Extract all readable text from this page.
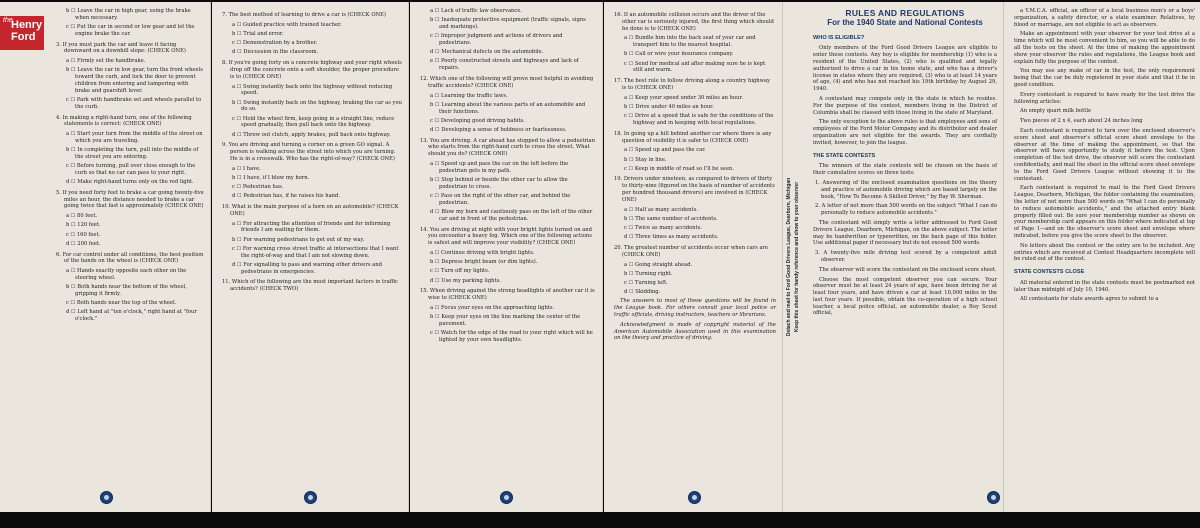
the
Henry
Ford
b ☐ Leave the car in high gear, using the brake when necessary.
c ☐ Put the car in second or low gear and let the engine brake the car.
3. If you must park the car and leave it facing downward on a downhill slope: (CHECK ONE)
a ☐ Firmly set the handbrake.
b ☐ Leave the car in low gear, turn the front wheels toward the curb, and lock the door to prevent children from entering and tampering with brake and gearshift lever.
c ☐ Park with handbrake set and wheels parallel to the curb.
4. In making a right-hand turn, one of the following statements is correct: (CHECK ONE)
a ☐ Start your turn from the middle of the street on which you are traveling.
b ☐ In completing the turn, pull into the middle of the street you are entering.
c ☐ Before turning, pull over close enough to the curb so that no car can pass to your right.
d ☐ Make right-hand turns only on the red light.
5. If you need forty feet to brake a car going twenty-five miles an hour, the distance needed to brake a car going twice that fast is approximately (CHECK ONE)
a ☐ 80 feet.
b ☐ 120 feet.
c ☐ 160 feet.
d ☐ 200 feet.
6. For car control under all conditions, the best position of the hands on the wheel is (CHECK ONE)
a ☐ Hands exactly opposite each other on the steering wheel.
b ☐ Both hands near the bottom of the wheel, gripping it firmly.
c ☐ Both hands near the top of the wheel.
d ☐ Left hand at "ten o'clock," right hand at "four o'clock."
7. The best method of learning to drive a car is (CHECK ONE)
a ☐ Guided practice with trained teacher.
b ☐ Trial and error.
c ☐ Demonstration by a brother.
d ☐ Discussion in the classroom.
8. If you're going forty on a concrete highway and your right wheels drop off the concrete onto a soft shoulder, the proper procedure is to (CHECK ONE)
a ☐ Swing instantly back onto the highway without reducing speed.
b ☐ Swing instantly back on the highway, braking the car as you do so.
c ☐ Hold the wheel firm, keep going in a straight line, reduce speed gradually, then pull back onto the highway.
d ☐ Throw out clutch, apply brakes, pull back onto highway.
9. You are driving and turning a corner on a green GO signal. A person is walking across the street into which you are turning. He is in a crosswalk. Who has the right-of-way? (CHECK ONE)
a ☐ I have.
b ☐ I have, if I blow my horn.
c ☐ Pedestrian has.
d ☐ Pedestrian has, if he raises his hand.
10. What is the main purpose of a horn on an automobile? (CHECK ONE)
a ☐ For attracting the attention of friends and for informing friends I am waiting for them.
b ☐ For warning pedestrians to get out of my way.
c ☐ For warning cross street traffic at intersections that I want the right-of-way and that I am not slowing down.
d ☐ For signalling to pass and warning other drivers and pedestrians in emergencies.
11. Which of the following are the most important factors in traffic accidents? (CHECK TWO)
a ☐ Lack of traffic law observance.
b ☐ Inadequate protective equipment (traffic signals, signs and markings).
c ☐ Improper judgment and actions of drivers and pedestrians.
d ☐ Mechanical defects on the automobile.
e ☐ Poorly constructed streets and highways and lack of repairs.
12. Which one of the following will prove most helpful in avoiding traffic accidents? (CHECK ONE)
a ☐ Learning the traffic laws.
b ☐ Learning about the various parts of an automobile and their functions.
c ☐ Developing good driving habits.
d ☐ Developing a sense of boldness or fearlessness.
13. You are driving. A car ahead has stopped to allow a pedestrian who starts from the right-hand curb to cross the street. What should you do? (CHECK ONE)
a ☐ Speed up and pass the car on the left before the pedestrian gets in my path.
b ☐ Stop behind or beside the other car to allow the pedestrian to cross.
c ☐ Pass on the right of the other car, and behind the pedestrian.
d ☐ Blow my horn and cautiously pass on the left of the other car and in front of the pedestrian.
14. You are driving at night with your bright lights turned on and you encounter a heavy fog. Which one of the following actions is safest and will improve your visibility? (CHECK ONE)
a ☐ Continue driving with bright lights.
b ☐ Depress bright beam (or dim lights).
c ☐ Turn off my lights.
d ☐ Use my parking lights.
15. When driving against the strong headlights of another car it is wise to (CHECK ONE)
a ☐ Focus your eyes on the approaching lights.
b ☐ Keep your eyes on the line marking the center of the pavement.
c ☐ Watch for the edge of the road to your right which will be lighted by your own headlights.
16. If an automobile collision occurs and the driver of the other car is seriously injured, the first thing which should be done is to (CHECK ONE)
a ☐ Bundle him into the back seat of your car and transport him to the nearest hospital.
b ☐ Call or wire your insurance company.
c ☐ Send for medical aid after making sure he is kept still and warm.
17. The best rule to follow driving along a country highway is to (CHECK ONE)
a ☐ Keep your speed under 30 miles an hour.
b ☐ Drive under 40 miles an hour.
c ☐ Drive at a speed that is safe for the conditions of the highway and in keeping with local regulations.
18. In going up a hill behind another car where there is any question of visibility it is safer to (CHECK ONE)
a ☐ Speed up and pass the car.
b ☐ Stay in line.
c ☐ Keep in middle of road so I'll be seen.
19. Drivers under nineteen, as compared to drivers of thirty to thirty-nine (figured on the basis of number of accidents per hundred thousand drivers) are involved in (CHECK ONE)
a ☐ Half as many accidents.
b ☐ The same number of accidents.
c ☐ Twice as many accidents.
d ☐ Three times as many accidents.
20. The greatest number of accidents occur when cars are (CHECK ONE)
a ☐ Going straight ahead.
b ☐ Turning right.
c ☐ Turning left.
d ☐ Skidding.
The answers to most of these questions will be found in the League book. For others consult your local police or traffic officials, driving instructors, teachers or librarians.
Acknowledgment is made of copyright material of the American Automobile Association used in this examination on the theory and practice of driving.
Detach and mail to Ford Good Drivers League, Dearborn, Michigan Keep this sheet for handy reference and show to your observer
RULES AND REGULATIONS
For the 1940 State and National Contests
WHO IS ELIGIBLE?
Only members of the Ford Good Drivers League are eligible to enter these contests. Any boy is eligible for membership (1) who is a resident of the United States, (2) who is qualified and legally authorized to drive a car in his home state, and who has a driver's license in states where they are required, (3) who is at least 14 years of age, (4) and who has not reached his 19th birthday by August 29, 1940.
A contestant may compete only in the state in which he resides. For the purpose of the contest, members living in the District of Columbia shall be classed with those living in the state of Maryland.
The only exception to the above rules is that employees and sons of employees of the Ford Motor Company and its distributor and dealer organization are not eligible for the awards. They are cordially invited, however, to join the league.
THE STATE CONTESTS
The winners of the state contests will be chosen on the basis of their cumulative scores on three tests:
1. Answering of the enclosed examination questions on the theory and practice of automobile driving which are based largely on the book, "How To Become A Skilled Driver," by Ray W. Sherman.
2. A letter of not more than 500 words on the subject "What I can do personally to reduce automobile accidents."
The contestant will simply write a letter addressed to Ford Good Drivers League, Dearborn, Michigan, on the above subject. The letter may be handwritten or typewritten, on the back page of this folder. Use additional paper if necessary but do not exceed 500 words.
3. A twenty-five mile driving test scored by a competent adult observer.
The observer will score the contestant on the enclosed score sheet.
Choose the most competent observer you can secure. Your observer must be at least 24 years of age, have been driving for at least four years, and have driven a car at least 10,000 miles in the last four years. If possible, obtain the co-operation of a high school teacher, a local police official, an automobile dealer, a Boy Scout official,
a Y.M.C.A. official, an officer of a local business men's or a boys' organization, a safety director, or a state examiner. Relatives, by blood or marriage, are not eligible to act as observers.
Make an appointment with your observer for your test drive at a time which will be most convenient to him, so you will be able to do all the tests on the sheet. At the time of making the appointment show your observer the rules and regulations, the League book and explain fully the purpose of the contest.
You may use any make of car in the test, the only requirement being that the car be duly registered in your state and that it be in good condition.
Every contestant is required to have ready for the test drive the following articles:
An empty quart milk bottle
Two pieces of 2 x 4, each about 24 inches long
Each contestant is required to turn over the enclosed observer's score sheet and observer's official score sheet envelope to the observer at the time of making the appointment, so that the observer will have opportunity to study it before the test. Upon completion of the test drive, the observer will score the contestant confidentially, and mail the sheet in the official score sheet envelope to the Ford Good Drivers League without showing it to the contestant.
Each contestant is required to mail to the Ford Good Drivers League, Dearborn, Michigan, the folder containing the examination, the letter of not more than 500 words on "What I can do personally to reduce automobile accidents," and the attached entry blank properly filled out. Be sure your membership number as shown on your membership card appears on this folder where indicated at top of Page 1—and on the observer's score sheet and envelope where indicated, before you give the score sheet to the observer.
No letters about the contest or the entry are to be included. Any entries which are received at Contest Headquarters incomplete will be ruled out of the contest.
STATE CONTESTS CLOSE
All material entered in the state contests must be postmarked not later than midnight of July 10, 1940.
All contestants for state awards agree to submit to a
